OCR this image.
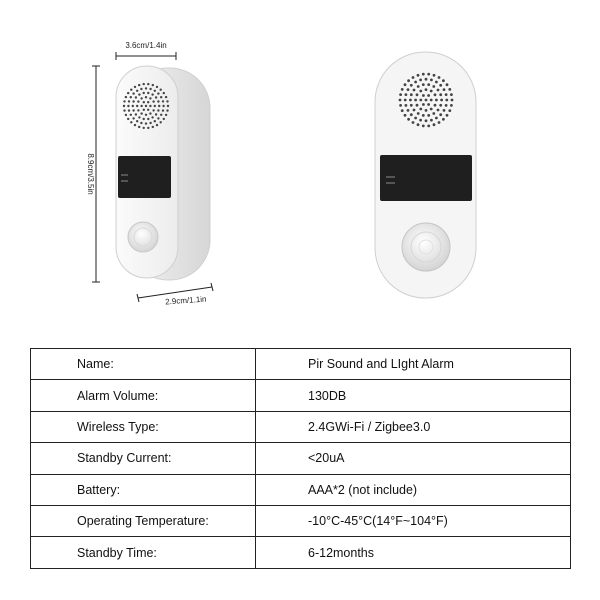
3.6cm/1.4in
8.9cm/3.5in
2.9cm/1.1in
Name:	Pir Sound and LIght Alarm
Alarm Volume:	130DB
Wireless Type:	2.4GWi-Fi / Zigbee3.0
Standby Current:	<20uA
Battery:	AAA*2 (not include)
Operating Temperature:	-10°C-45°C(14°F~104°F)
Standby Time:	6-12months
